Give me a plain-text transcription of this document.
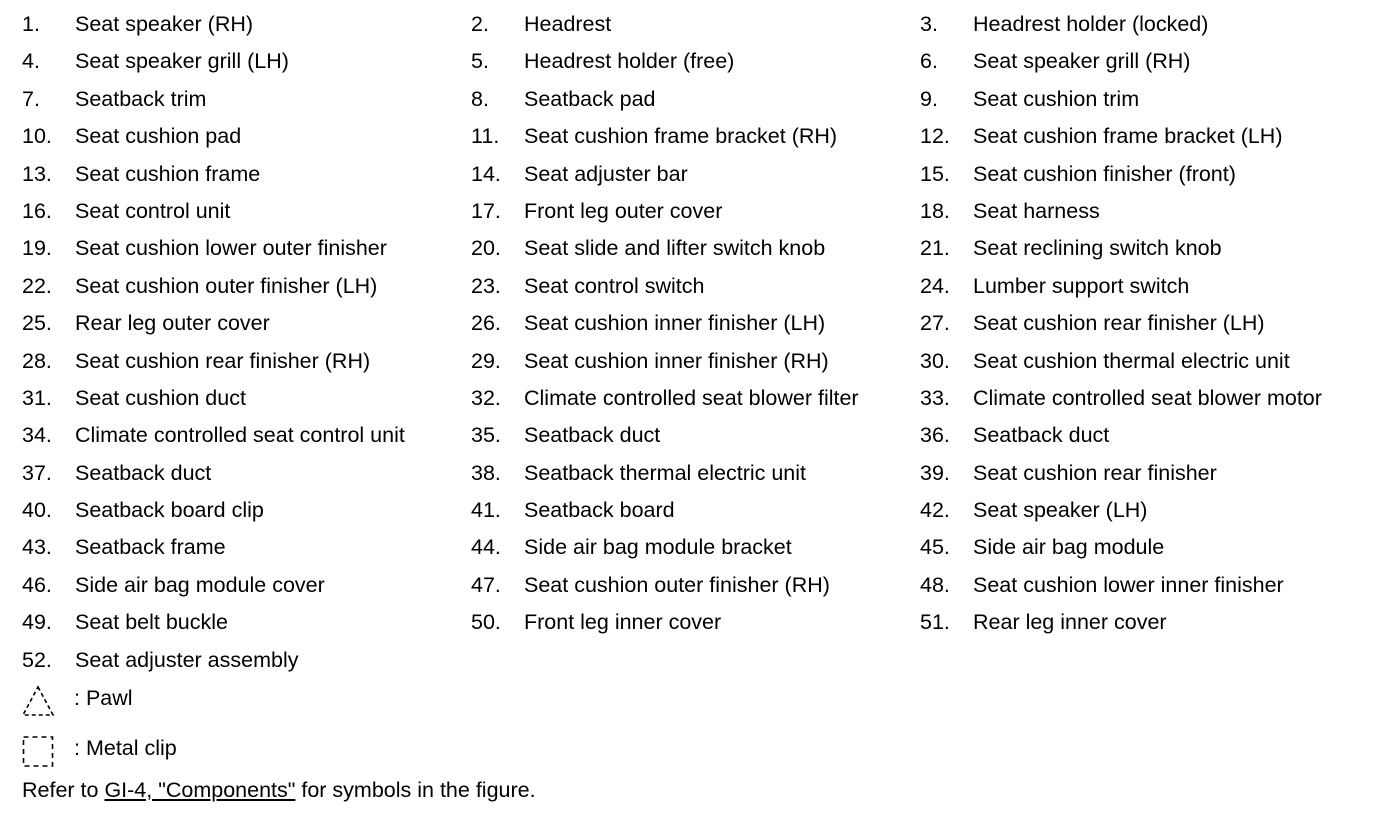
1. Seat speaker (RH)	2. Headrest	3. Headrest holder (locked)
4. Seat speaker grill (LH)	5. Headrest holder (free)	6. Seat speaker grill (RH)
7. Seatback trim	8. Seatback pad	9. Seat cushion trim
10. Seat cushion pad	11. Seat cushion frame bracket (RH)	12. Seat cushion frame bracket (LH)
13. Seat cushion frame	14. Seat adjuster bar	15. Seat cushion finisher (front)
16. Seat control unit	17. Front leg outer cover	18. Seat harness
19. Seat cushion lower outer finisher	20. Seat slide and lifter switch knob	21. Seat reclining switch knob
22. Seat cushion outer finisher (LH)	23. Seat control switch	24. Lumber support switch
25. Rear leg outer cover	26. Seat cushion inner finisher (LH)	27. Seat cushion rear finisher (LH)
28. Seat cushion rear finisher (RH)	29. Seat cushion inner finisher (RH)	30. Seat cushion thermal electric unit
31. Seat cushion duct	32. Climate controlled seat blower filter	33. Climate controlled seat blower motor
34. Climate controlled seat control unit	35. Seatback duct	36. Seatback duct
37. Seatback duct	38. Seatback thermal electric unit	39. Seat cushion rear finisher
40. Seatback board clip	41. Seatback board	42. Seat speaker (LH)
43. Seatback frame	44. Side air bag module bracket	45. Side air bag module
46. Side air bag module cover	47. Seat cushion outer finisher (RH)	48. Seat cushion lower inner finisher
49. Seat belt buckle	50. Front leg inner cover	51. Rear leg inner cover
52. Seat adjuster assembly
: Pawl
: Metal clip
Refer to GI-4, "Components" for symbols in the figure.
